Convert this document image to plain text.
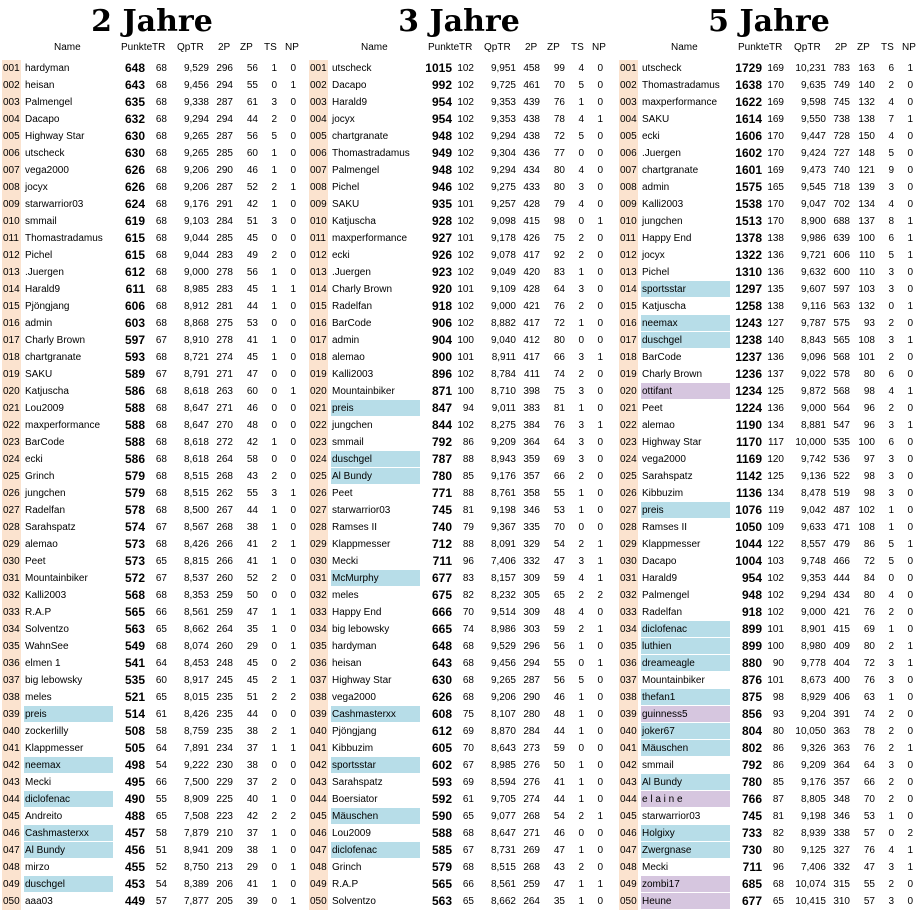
2 Jahre
Name	Punkte TR QpTR 2P ZP TS NP
001 hardyman	648	68	9,529 296	56	1	0
002 heisan	643	68	9,456 294	55	0	1
003 Palmengel	635	68	9,338 287	61	3	0
004 Dacapo	632	68	9,294 294	44	2	0
005 Highway Star	630	68	9,265 287	56	5	0
006 utscheck	630	68	9,265 285	60	1	0
007 vega2000	626	68	9,206 290	46	1	0
008 jocyx	626	68	9,206 287	52	2	1
009 starwarrior03	624	68	9,176 291	42	1	0
010 smmail	619	68	9,103 284	51	3	0
011 Thomastradamus	615	68	9,044 285	45	0	0
012 Pichel	615	68	9,044 283	49	2	0
013 .Juergen	612	68	9,000 278	56	1	0
014 Harald9	611	68	8,985 283	45	1	1
015 Pjöngjang	606	68	8,912 281	44	1	0
016 admin	603	68	8,868 275	53	0	0
017 Charly Brown	597	67	8,910 278	41	1	0
018 chartgranate	593	68	8,721 274	45	1	0
019 SAKU	589	67	8,791 271	47	0	0
020 Katjuscha	586	68	8,618 263	60	0	1
021 Lou2009	588	68	8,647 271	46	0	0
022 maxperformance	588	68	8,647 270	48	0	0
023 BarCode	588	68	8,618 272	42	1	0
024 ecki	586	68	8,618 264	58	0	0
025 Grinch	579	68	8,515 268	43	2	0
026 jungchen	579	68	8,515 262	55	3	1
027 Radelfan	578	68	8,500 267	44	1	0
028 Sarahspatz	574	67	8,567 268	38	1	0
029 alemao	573	68	8,426 266	41	2	1
030 Peet	573	65	8,815 266	41	1	0
031 Mountainbiker	572	67	8,537 260	52	2	0
032 Kalli2003	568	68	8,353 259	50	0	0
033 R.A.P	565	66	8,561 259	47	1	1
034 Solventzo	563	65	8,662 264	35	1	0
035 WahnSee	549	68	8,074 260	29	0	1
036 elmen 1	541	64	8,453 248	45	0	2
037 big lebowsky	535	60	8,917 245	45	2	1
038 meles	521	65	8,015 235	51	2	2
039 preis	514	61	8,426 235	44	0	0
040 zockerlilly	508	58	8,759 235	38	2	1
041 Klappmesser	505	64	7,891 234	37	1	1
042 neemax	498	54	9,222 230	38	0	0
043 Mecki	495	66	7,500 229	37	2	0
044 diclofenac	490	55	8,909 225	40	1	0
045 Andreito	488	65	7,508 223	42	2	2
046 Cashmasterxx	457	58	7,879 210	37	1	0
047 Al Bundy	456	51	8,941 209	38	1	0
048 mirzo	455	52	8,750 213	29	0	1
049 duschgel	453	54	8,389 206	41	1	0
050 aaa03	449	57	7,877 205	39	0	1
3 Jahre
Name	Punkte TR QpTR 2P ZP TS NP
001 utscheck	1015 102	9,951 458	99	4	0
002 Dacapo	992 102	9,725 461	70	5	0
003 Harald9	954 102	9,353 439	76	1	0
004 jocyx	954 102	9,353 438	78	4	1
005 chartgranate	948 102	9,294 438	72	5	0
006 Thomastradamus	949 102	9,304 436	77	0	0
007 Palmengel	948 102	9,294 434	80	4	0
008 Pichel	946 102	9,275 433	80	3	0
009 SAKU	935 101	9,257 428	79	4	0
010 Katjuscha	928 102	9,098 415	98	0	1
011 maxperformance	927 101	9,178 426	75	2	0
012 ecki	926 102	9,078 417	92	2	0
013 .Juergen	923 102	9,049 420	83	1	0
014 Charly Brown	920 101	9,109 428	64	3	0
015 Radelfan	918 102	9,000 421	76	2	0
016 BarCode	906 102	8,882 417	72	1	0
017 admin	904 100	9,040 412	80	0	0
018 alemao	900 101	8,911 417	66	3	1
019 Kalli2003	896 102	8,784 411	74	2	0
020 Mountainbiker	871 100	8,710 398	75	3	0
021 preis	847	94	9,011 383	81	1	0
022 jungchen	844 102	8,275 384	76	3	1
023 smmail	792	86	9,209 364	64	3	0
024 duschgel	787	88	8,943 359	69	3	0
025 Al Bundy	780	85	9,176 357	66	2	0
026 Peet	771	88	8,761 358	55	1	0
027 starwarrior03	745	81	9,198 346	53	1	0
028 Ramses II	740	79	9,367 335	70	0	0
029 Klappmesser	712	88	8,091 329	54	2	1
030 Mecki	711	96	7,406 332	47	3	1
031 McMurphy	677	83	8,157 309	59	4	1
032 meles	675	82	8,232 305	65	2	2
033 Happy End	666	70	9,514 309	48	4	0
034 big lebowsky	665	74	8,986 303	59	2	1
035 hardyman	648	68	9,529 296	56	1	0
036 heisan	643	68	9,456 294	55	0	1
037 Highway Star	630	68	9,265 287	56	5	0
038 vega2000	626	68	9,206 290	46	1	0
039 Cashmasterxx	608	75	8,107 280	48	1	0
040 Pjöngjang	612	69	8,870 284	44	1	0
041 Kibbuzim	605	70	8,643 273	59	0	0
042 sportsstar	602	67	8,985 276	50	1	0
043 Sarahspatz	593	69	8,594 276	41	1	0
044 Boersiator	592	61	9,705 274	44	1	0
045 Mäuschen	590	65	9,077 268	54	2	1
046 Lou2009	588	68	8,647 271	46	0	0
047 diclofenac	585	67	8,731 269	47	1	0
048 Grinch	579	68	8,515 268	43	2	0
049 R.A.P	565	66	8,561 259	47	1	1
050 Solventzo	563	65	8,662 264	35	1	0
5 Jahre
Name	Punkte TR QpTR 2P ZP TS NP
001 utscheck	1729 169	10,231 783 163	6	1
002 Thomastradamus	1638 170	9,635 749 140	2	0
003 maxperformance	1622 169	9,598 745 132	4	0
004 SAKU	1614 169	9,550 738 138	7	1
005 ecki	1606 170	9,447 728 150	4	0
006 .Juergen	1602 170	9,424 727 148	5	0
007 chartgranate	1601 169	9,473 740 121	9	0
008 admin	1575 165	9,545 718 139	3	0
009 Kalli2003	1538 170	9,047 702 134	4	0
010 jungchen	1513 170	8,900 688 137	8	1
011 Happy End	1378 138	9,986 639 100	6	1
012 jocyx	1322 136	9,721 606 110	5	1
013 Pichel	1310 136	9,632 600 110	3	0
014 sportsstar	1297 135	9,607 597 103	3	0
015 Katjuscha	1258 138	9,116 563 132	0	1
016 neemax	1243 127	9,787 575	93	2	0
017 duschgel	1238 140	8,843 565 108	3	1
018 BarCode	1237 136	9,096 568 101	2	0
019 Charly Brown	1236 137	9,022 578	80	6	0
020 ottifant	1234 125	9,872 568	98	4	1
021 Peet	1224 136	9,000 564	96	2	0
022 alemao	1190 134	8,881 547	96	3	1
023 Highway Star	1170 117	10,000 535 100	6	0
024 vega2000	1169 120	9,742 536	97	3	0
025 Sarahspatz	1142 125	9,136 522	98	3	0
026 Kibbuzim	1136 134	8,478 519	98	3	0
027 preis	1076 119	9,042 487 102	1	0
028 Ramses II	1050 109	9,633 471 108	1	0
029 Klappmesser	1044 122	8,557 479	86	5	1
030 Dacapo	1004 103	9,748 466	72	5	0
031 Harald9	954 102	9,353 444	84	0	0
032 Palmengel	948 102	9,294 434	80	4	0
033 Radelfan	918 102	9,000 421	76	2	0
034 diclofenac	899 101	8,901 415	69	1	0
035 luthien	899 100	8,980 409	80	2	1
036 dreameagle	880	90	9,778 404	72	3	1
037 Mountainbiker	876 101	8,673 400	76	3	0
038 thefan1	875	98	8,929 406	63	1	0
039 guinness5	856	93	9,204 391	74	2	0
040 joker67	804	80	10,050 363	78	2	0
041 Mäuschen	802	86	9,326 363	76	2	1
042 smmail	792	86	9,209 364	64	3	0
043 Al Bundy	780	85	9,176 357	66	2	0
044 e l a i n e	766	87	8,805 348	70	2	0
045 starwarrior03	745	81	9,198 346	53	1	0
046 Holgixy	733	82	8,939 338	57	0	2
047 Zwergnase	730	80	9,125 327	76	4	1
048 Mecki	711	96	7,406 332	47	3	1
049 zombi17	685	68	10,074 315	55	2	0
050 Heune	677	65	10,415 310	57	3	0
